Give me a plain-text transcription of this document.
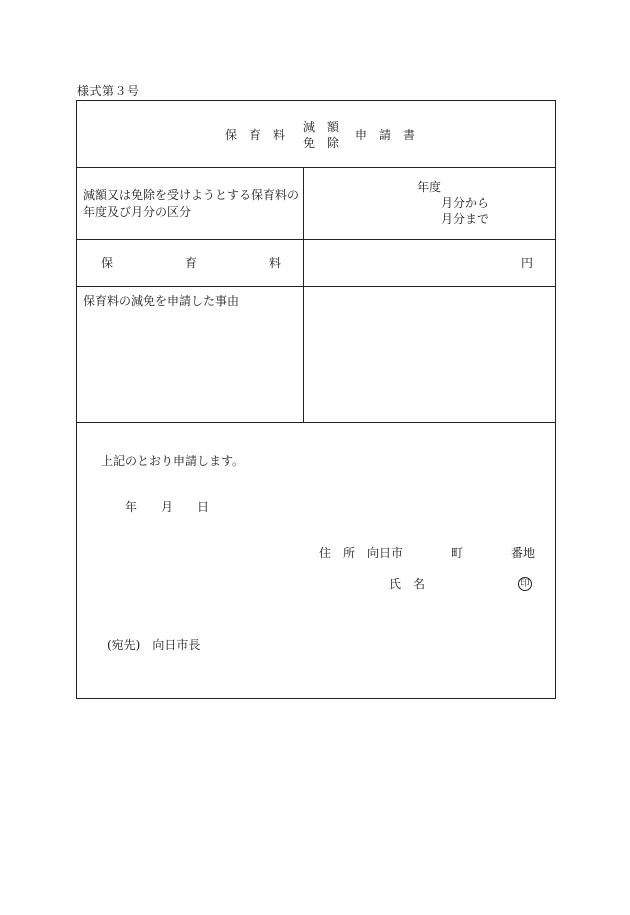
様式第３号
保　育　料
減　額
免　除
申　請　書
減額又は免除を受けようとする保育料の
年度及び月分の区分
年度
月分から
月分まで
保　　　　　　育　　　　　　料	円
保育料の減免を申請した事由
上記のとおり申請します。
年　　月　　日
住　所　向日市　　　　町　　　　番地
氏　名	印
(宛先)　向日市長
